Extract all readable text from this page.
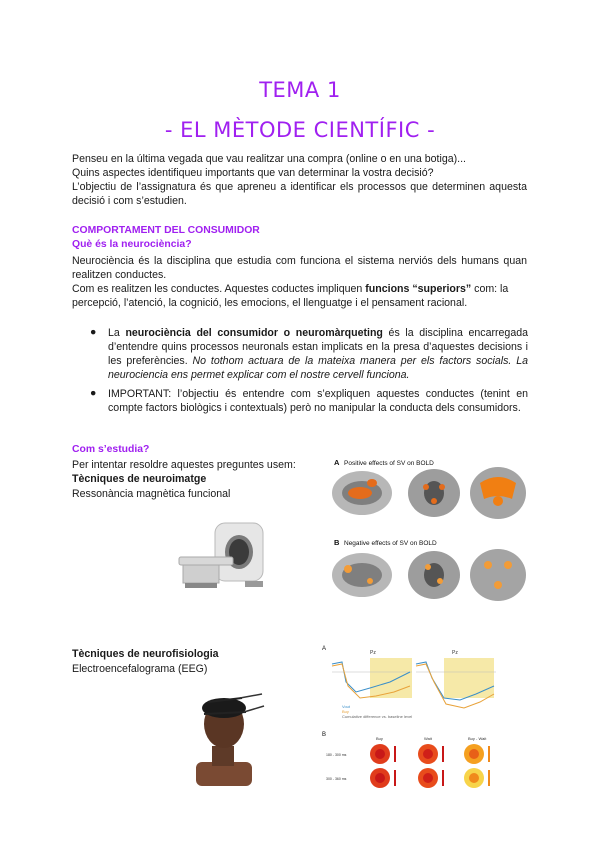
TEMA 1
- EL MÈTODE CIENTÍFIC -
Penseu en la última vegada que vau realitzar una compra (online o en una botiga)...
Quins aspectes identifiqueu importants que van determinar la vostra decisió?
L’objectiu de l’assignatura és que apreneu a identificar els processos que determinen aquesta decisió i com s’estudien.
COMPORTAMENT DEL CONSUMIDOR
Què és la neurociència?
Neurociència és la disciplina que estudia com funciona el sistema nerviós dels humans quan realitzen conductes.
Com es realitzen les conductes. Aquestes coductes impliquen funcions “superiors” com: la percepció, l’atenció, la cognició, les emocions, el llenguatge i el pensament racional.
● La neurociència del consumidor o neuromàrqueting és la disciplina encarregada d’entendre quins processos neuronals estan implicats en la presa d’aquestes decisions i les preferències. No tothom actuara de la mateixa manera per els factors socials. La neurociencia ens permet explicar com el nostre cervell funciona.
● IMPORTANT: l’objectiu és entendre com s’expliquen aquestes conductes (tenint en compte factors biològics i contextuals) però no manipular la conducta dels consumidors.
Com s’estudia?
Per intentar resoldre aquestes preguntes usem:
Tècniques de neuroimatge
Ressonància magnètica funcional
A Positive effects of SV on BOLD
B Negative effects of SV on BOLD
Tècniques de neurofisiologia
Electroencefalograma (EEG)
A
Pz	Pz
Vout
Buy
Cumulative difference vs. baseline level
B
Buy	Wait	Buy - Wait
180 - 300 ms
300 - 360 ms
